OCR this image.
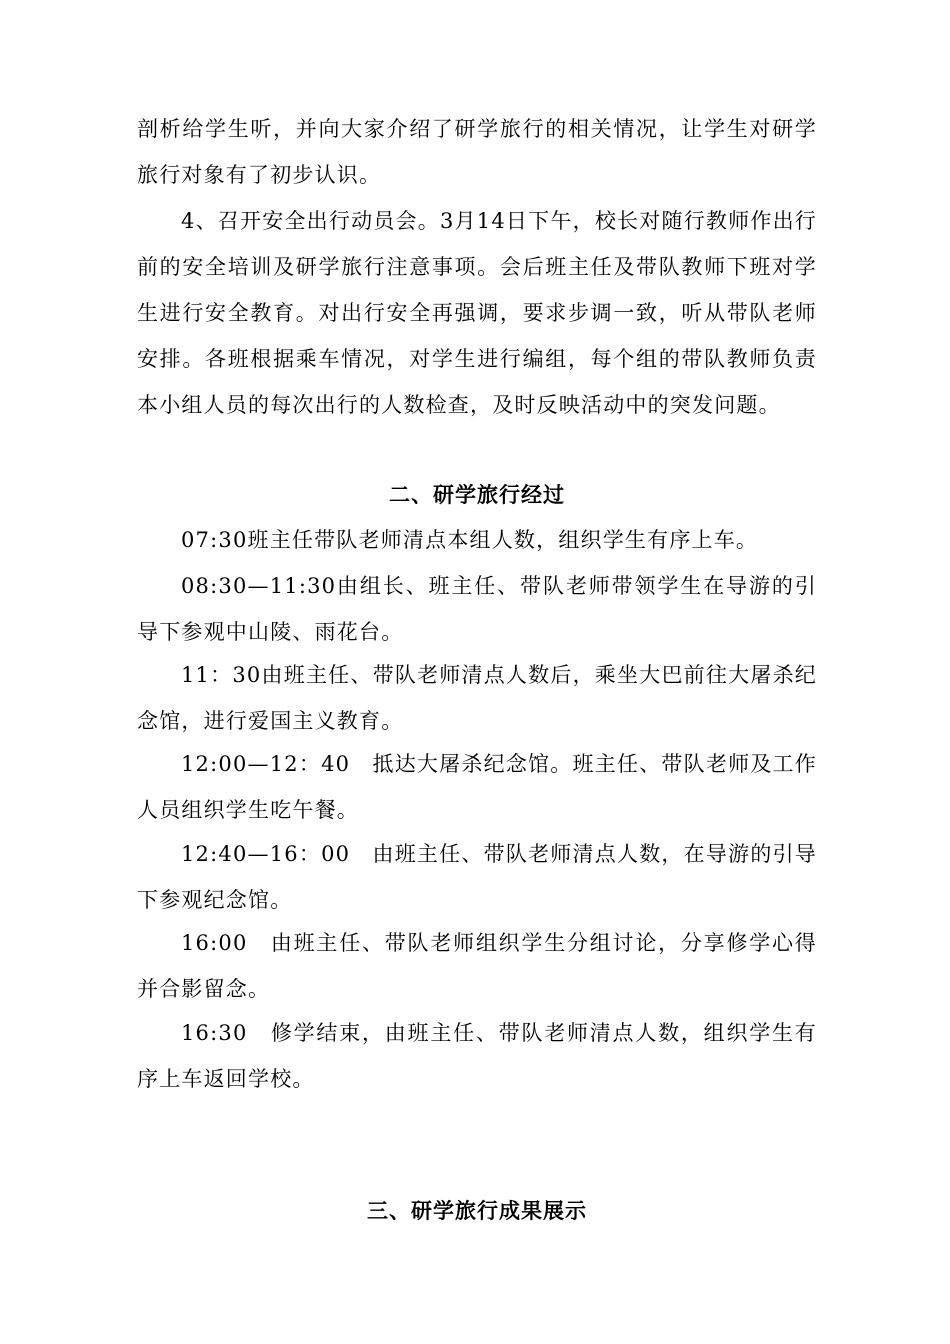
剖析给学生听，并向大家介绍了研学旅行的相关情况，让学生对研学旅行对象有了初步认识。

4、召开安全出行动员会。3月14日下午，校长对随行教师作出行前的安全培训及研学旅行注意事项。会后班主任及带队教师下班对学生进行安全教育。对出行安全再强调，要求步调一致，听从带队老师安排。各班根据乘车情况，对学生进行编组，每个组的带队教师负责本小组人员的每次出行的人数检查，及时反映活动中的突发问题。

二、研学旅行经过

07:30班主任带队老师清点本组人数，组织学生有序上车。

08:30—11:30由组长、班主任、带队老师带领学生在导游的引导下参观中山陵、雨花台。

11：30由班主任、带队老师清点人数后，乘坐大巴前往大屠杀纪念馆，进行爱国主义教育。

12:00—12：40　抵达大屠杀纪念馆。班主任、带队老师及工作人员组织学生吃午餐。

12:40—16：00　由班主任、带队老师清点人数，在导游的引导下参观纪念馆。

16:00　由班主任、带队老师组织学生分组讨论，分享修学心得并合影留念。

16:30　修学结束，由班主任、带队老师清点人数，组织学生有序上车返回学校。

三、研学旅行成果展示
